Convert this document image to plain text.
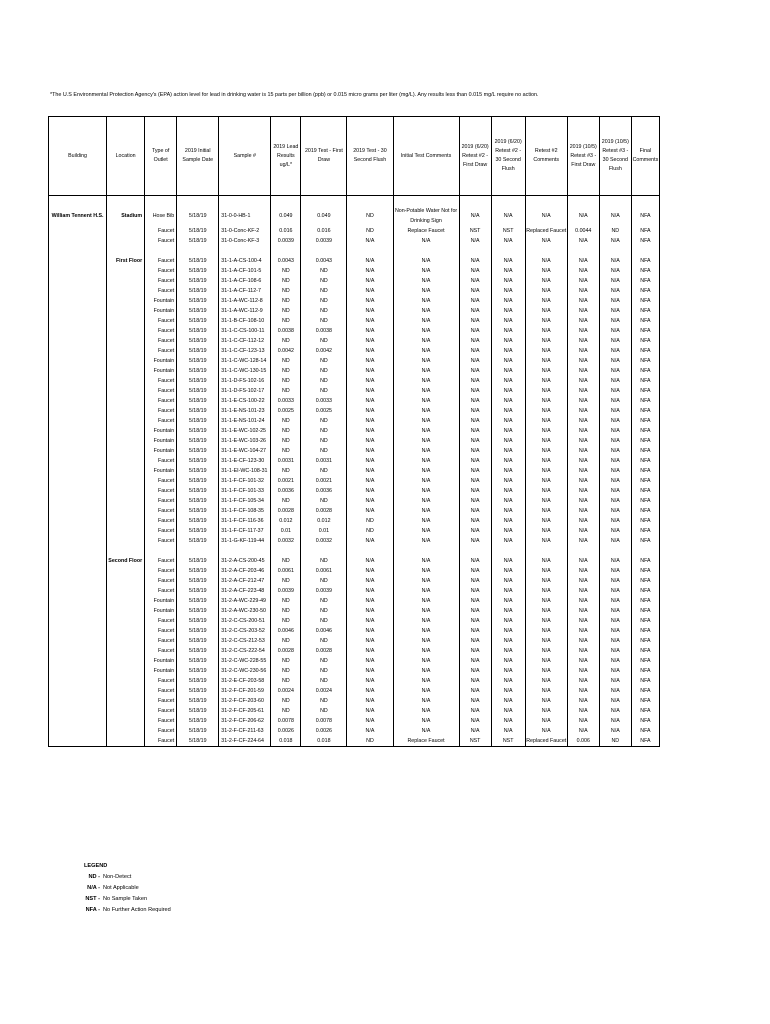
*The U.S Environmental Protection Agency's (EPA) action level for lead in drinking water is 15 parts per billion (ppb) or 0.015 micro grams per liter (mg/L). Any results less than 0.015 mg/L require no action.
Building	Location	Type of Outlet	2019 Initial Sample Date	Sample #	2019 Lead Results ug/L*	2019 Test - First Draw	2019 Test - 30 Second Flush	Initial Test Comments	2019 (6/20) Retest #2 - First Draw	2019 (6/20) Retest #2 - 30 Second Flush	Retest #2 Comments	2019 (10/5) Retest #3 - First Draw	2019 (10/5) Retest #3 - 30 Second Flush	Final Comments

William Tennent H.S.	Stadium	Hose Bib	5/18/19	31-0-0-HB-1	0.049	0.049	ND	Non-Potable Water Not for Drinking Sign	N/A	N/A	N/A	N/A	N/A	NFA
		Faucet	5/18/19	31-0-Conc-KF-2	0.016	0.016	ND	Replace Faucet	NST	NST	Replaced Faucet	0.0044	ND	NFA
		Faucet	5/18/19	31-0-Conc-KF-3	0.0039	0.0039	N/A	N/A	N/A	N/A	N/A	N/A	N/A	NFA

	First Floor	Faucet	5/18/19	31-1-A-CS-100-4	0.0043	0.0043	N/A	N/A	N/A	N/A	N/A	N/A	N/A	NFA
		Faucet	5/18/19	31-1-A-CF-101-5	ND	ND	N/A	N/A	N/A	N/A	N/A	N/A	N/A	NFA
		Faucet	5/18/19	31-1-A-CF-108-6	ND	ND	N/A	N/A	N/A	N/A	N/A	N/A	N/A	NFA
		Faucet	5/18/19	31-1-A-CF-112-7	ND	ND	N/A	N/A	N/A	N/A	N/A	N/A	N/A	NFA
		Fountain	5/18/19	31-1-A-WC-112-8	ND	ND	N/A	N/A	N/A	N/A	N/A	N/A	N/A	NFA
		Fountain	5/18/19	31-1-A-WC-112-9	ND	ND	N/A	N/A	N/A	N/A	N/A	N/A	N/A	NFA
		Faucet	5/18/19	31-1-B-CF-108-10	ND	ND	N/A	N/A	N/A	N/A	N/A	N/A	N/A	NFA
		Faucet	5/18/19	31-1-C-CS-100-11	0.0038	0.0038	N/A	N/A	N/A	N/A	N/A	N/A	N/A	NFA
		Faucet	5/18/19	31-1-C-CF-112-12	ND	ND	N/A	N/A	N/A	N/A	N/A	N/A	N/A	NFA
		Faucet	5/18/19	31-1-C-CF-123-13	0.0042	0.0042	N/A	N/A	N/A	N/A	N/A	N/A	N/A	NFA
		Fountain	5/18/19	31-1-C-WC-128-14	ND	ND	N/A	N/A	N/A	N/A	N/A	N/A	N/A	NFA
		Fountain	5/18/19	31-1-C-WC-130-15	ND	ND	N/A	N/A	N/A	N/A	N/A	N/A	N/A	NFA
		Faucet	5/18/19	31-1-D-FS-102-16	ND	ND	N/A	N/A	N/A	N/A	N/A	N/A	N/A	NFA
		Faucet	5/18/19	31-1-D-FS-102-17	ND	ND	N/A	N/A	N/A	N/A	N/A	N/A	N/A	NFA
		Faucet	5/18/19	31-1-E-CS-100-22	0.0033	0.0033	N/A	N/A	N/A	N/A	N/A	N/A	N/A	NFA
		Faucet	5/18/19	31-1-E-NS-101-23	0.0025	0.0025	N/A	N/A	N/A	N/A	N/A	N/A	N/A	NFA
		Faucet	5/18/19	31-1-E-NS-101-24	ND	ND	N/A	N/A	N/A	N/A	N/A	N/A	N/A	NFA
		Fountain	5/18/19	31-1-E-WC-102-25	ND	ND	N/A	N/A	N/A	N/A	N/A	N/A	N/A	NFA
		Fountain	5/18/19	31-1-E-WC-103-26	ND	ND	N/A	N/A	N/A	N/A	N/A	N/A	N/A	NFA
		Fountain	5/18/19	31-1-E-WC-104-27	ND	ND	N/A	N/A	N/A	N/A	N/A	N/A	N/A	NFA
		Faucet	5/18/19	31-1-E-CF-123-30	0.0031	0.0031	N/A	N/A	N/A	N/A	N/A	N/A	N/A	NFA
		Fountain	5/18/19	31-1-EI-WC-108-31	ND	ND	N/A	N/A	N/A	N/A	N/A	N/A	N/A	NFA
		Faucet	5/18/19	31-1-F-CF-101-32	0.0021	0.0021	N/A	N/A	N/A	N/A	N/A	N/A	N/A	NFA
		Faucet	5/18/19	31-1-F-CF-101-33	0.0036	0.0036	N/A	N/A	N/A	N/A	N/A	N/A	N/A	NFA
		Faucet	5/18/19	31-1-F-CF-105-34	ND	ND	N/A	N/A	N/A	N/A	N/A	N/A	N/A	NFA
		Faucet	5/18/19	31-1-F-CF-108-35	0.0028	0.0028	N/A	N/A	N/A	N/A	N/A	N/A	N/A	NFA
		Faucet	5/18/19	31-1-F-CF-116-36	0.012	0.012	ND	N/A	N/A	N/A	N/A	N/A	N/A	NFA
		Faucet	5/18/19	31-1-F-CF-117-37	0.01	0.01	ND	N/A	N/A	N/A	N/A	N/A	N/A	NFA
		Faucet	5/18/19	31-1-G-KF-119-44	0.0032	0.0032	N/A	N/A	N/A	N/A	N/A	N/A	N/A	NFA

	Second Floor	Faucet	5/18/19	31-2-A-CS-200-45	ND	ND	N/A	N/A	N/A	N/A	N/A	N/A	N/A	NFA
		Faucet	5/18/19	31-2-A-CF-203-46	0.0061	0.0061	N/A	N/A	N/A	N/A	N/A	N/A	N/A	NFA
		Faucet	5/18/19	31-2-A-CF-212-47	ND	ND	N/A	N/A	N/A	N/A	N/A	N/A	N/A	NFA
		Faucet	5/18/19	31-2-A-CF-223-48	0.0039	0.0039	N/A	N/A	N/A	N/A	N/A	N/A	N/A	NFA
		Fountain	5/18/19	31-2-A-WC-229-49	ND	ND	N/A	N/A	N/A	N/A	N/A	N/A	N/A	NFA
		Fountain	5/18/19	31-2-A-WC-230-50	ND	ND	N/A	N/A	N/A	N/A	N/A	N/A	N/A	NFA
		Faucet	5/18/19	31-2-C-CS-200-51	ND	ND	N/A	N/A	N/A	N/A	N/A	N/A	N/A	NFA
		Faucet	5/18/19	31-2-C-CS-203-52	0.0046	0.0046	N/A	N/A	N/A	N/A	N/A	N/A	N/A	NFA
		Faucet	5/18/19	31-2-C-CS-212-53	ND	ND	N/A	N/A	N/A	N/A	N/A	N/A	N/A	NFA
		Faucet	5/18/19	31-2-C-CS-222-54	0.0028	0.0028	N/A	N/A	N/A	N/A	N/A	N/A	N/A	NFA
		Fountain	5/18/19	31-2-C-WC-228-55	ND	ND	N/A	N/A	N/A	N/A	N/A	N/A	N/A	NFA
		Fountain	5/18/19	31-2-C-WC-230-56	ND	ND	N/A	N/A	N/A	N/A	N/A	N/A	N/A	NFA
		Faucet	5/18/19	31-2-E-CF-203-58	ND	ND	N/A	N/A	N/A	N/A	N/A	N/A	N/A	NFA
		Faucet	5/18/19	31-2-F-CF-201-59	0.0024	0.0024	N/A	N/A	N/A	N/A	N/A	N/A	N/A	NFA
		Faucet	5/18/19	31-2-F-CF-203-60	ND	ND	N/A	N/A	N/A	N/A	N/A	N/A	N/A	NFA
		Faucet	5/18/19	31-2-F-CF-205-61	ND	ND	N/A	N/A	N/A	N/A	N/A	N/A	N/A	NFA
		Faucet	5/18/19	31-2-F-CF-206-62	0.0078	0.0078	N/A	N/A	N/A	N/A	N/A	N/A	N/A	NFA
		Faucet	5/18/19	31-2-F-CF-211-63	0.0026	0.0026	N/A	N/A	N/A	N/A	N/A	N/A	N/A	NFA
		Faucet	5/18/19	31-2-F-CF-224-64	0.018	0.018	ND	Replace Faucet	NST	NST	Replaced Faucet	0.006	ND	NFA
LEGEND
ND - Non-Detect
N/A - Not Applicable
NST - No Sample Taken
NFA - No Further Action Required
